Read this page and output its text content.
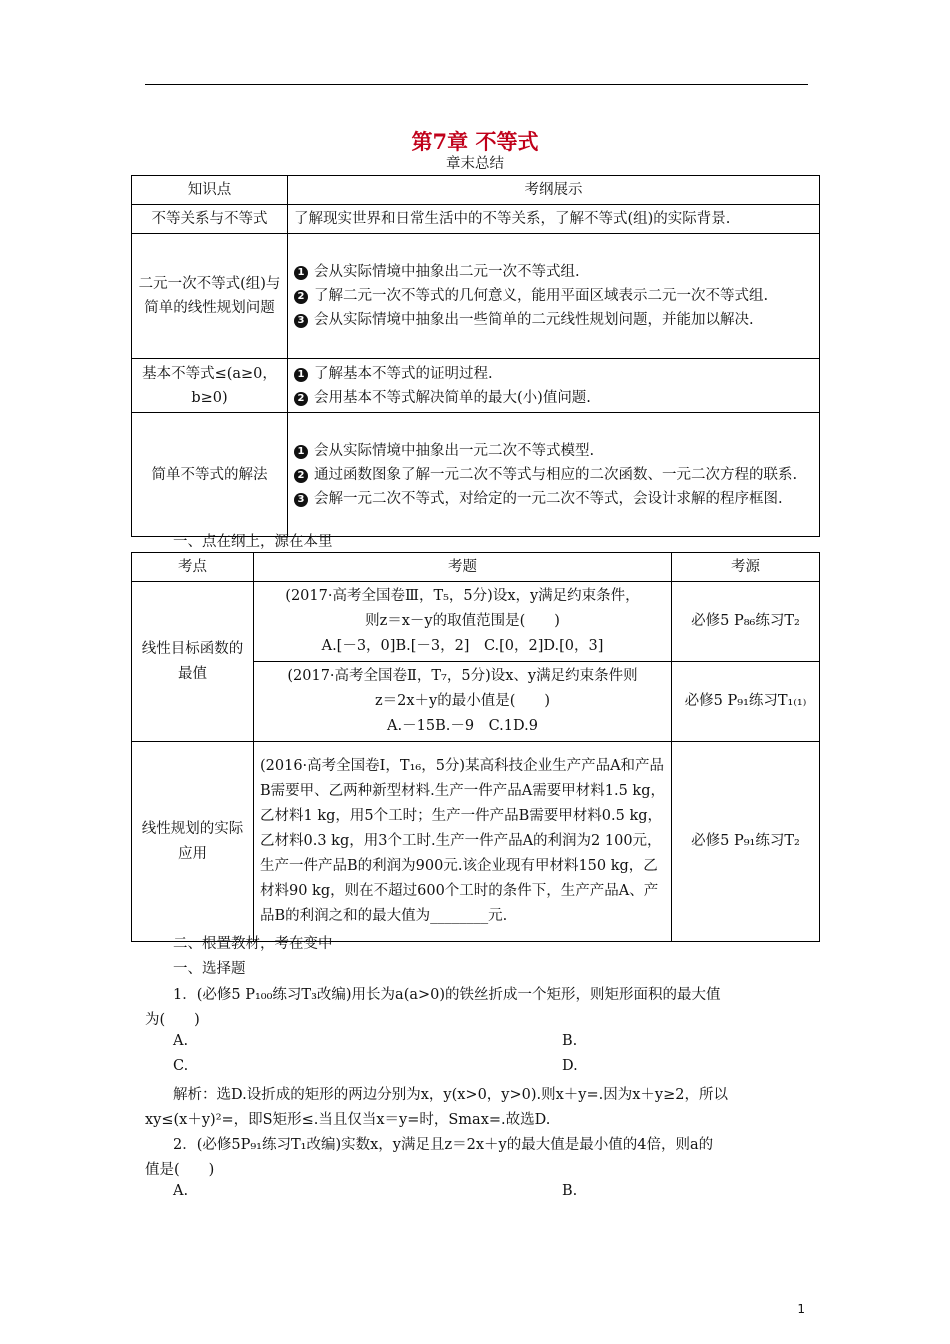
第7章 不等式
章末总结
知识点	考纲展示
不等关系与不等式	了解现实世界和日常生活中的不等关系，了解不等式(组)的实际背景.
二元一次不等式(组)与简单的线性规划问题	1 会从实际情境中抽象出二元一次不等式组.
2 了解二元一次不等式的几何意义，能用平面区域表示二元一次不等式组.
3 会从实际情境中抽象出一些简单的二元线性规划问题，并能加以解决.

基本不等式≤(a≥0，b≥0)	1 了解基本不等式的证明过程.
2 会用基本不等式解决简单的最大(小)值问题.

简单不等式的解法	1 会从实际情境中抽象出一元二次不等式模型.
2 通过函数图象了解一元二次不等式与相应的二次函数、一元二次方程的联系.
3 会解一元二次不等式，对给定的一元二次不等式，会设计求解的程序框图.
一、点在纲上，源在本里
考点	考题	考源
线性目标函数的最值	(2017·高考全国卷Ⅲ，T₅，5分)设x，y满足约束条件，
则z＝x－y的取值范围是(　　)
A.[－3，0]B.[－3，2]　C.[0，2]D.[0，3]	必修5 P₈₆练习T₂

	(2017·高考全国卷Ⅱ，T₇，5分)设x、y满足约束条件则
z＝2x＋y的最小值是(　　)
A.－15B.－9　C.1D.9	必修5 P₉₁练习T₁₍₁₎
线性规划的实际应用	(2016·高考全国卷Ⅰ，T₁₆，5分)某高科技企业生产产品A和产品B需要甲、乙两种新型材料.生产一件产品A需要甲材料1.5 kg，乙材料1 kg，用5个工时；生产一件产品B需要甲材料0.5 kg，乙材料0.3 kg，用3个工时.生产一件产品A的利润为2 100元，生产一件产品B的利润为900元.该企业现有甲材料150 kg，乙材料90 kg，则在不超过600个工时的条件下，生产产品A、产品B的利润之和的最大值为________元.	必修5 P₉₁练习T₂
二、根置教材，考在变中
一、选择题
1．(必修5 P₁₀₀练习T₃改编)用长为a(a>0)的铁丝折成一个矩形，则矩形面积的最大值
为(　　)
A.	B.
C.	D.
解析：选D.设折成的矩形的两边分别为x，y(x>0，y>0).则x＋y=.因为x＋y≥2，所以
xy≤(x＋y)²=，即S矩形≤.当且仅当x＝y=时，Smax=.故选D.
2．(必修5P₉₁练习T₁改编)实数x，y满足且z＝2x＋y的最大值是最小值的4倍，则a的
值是(　　)
A.	B.
1
